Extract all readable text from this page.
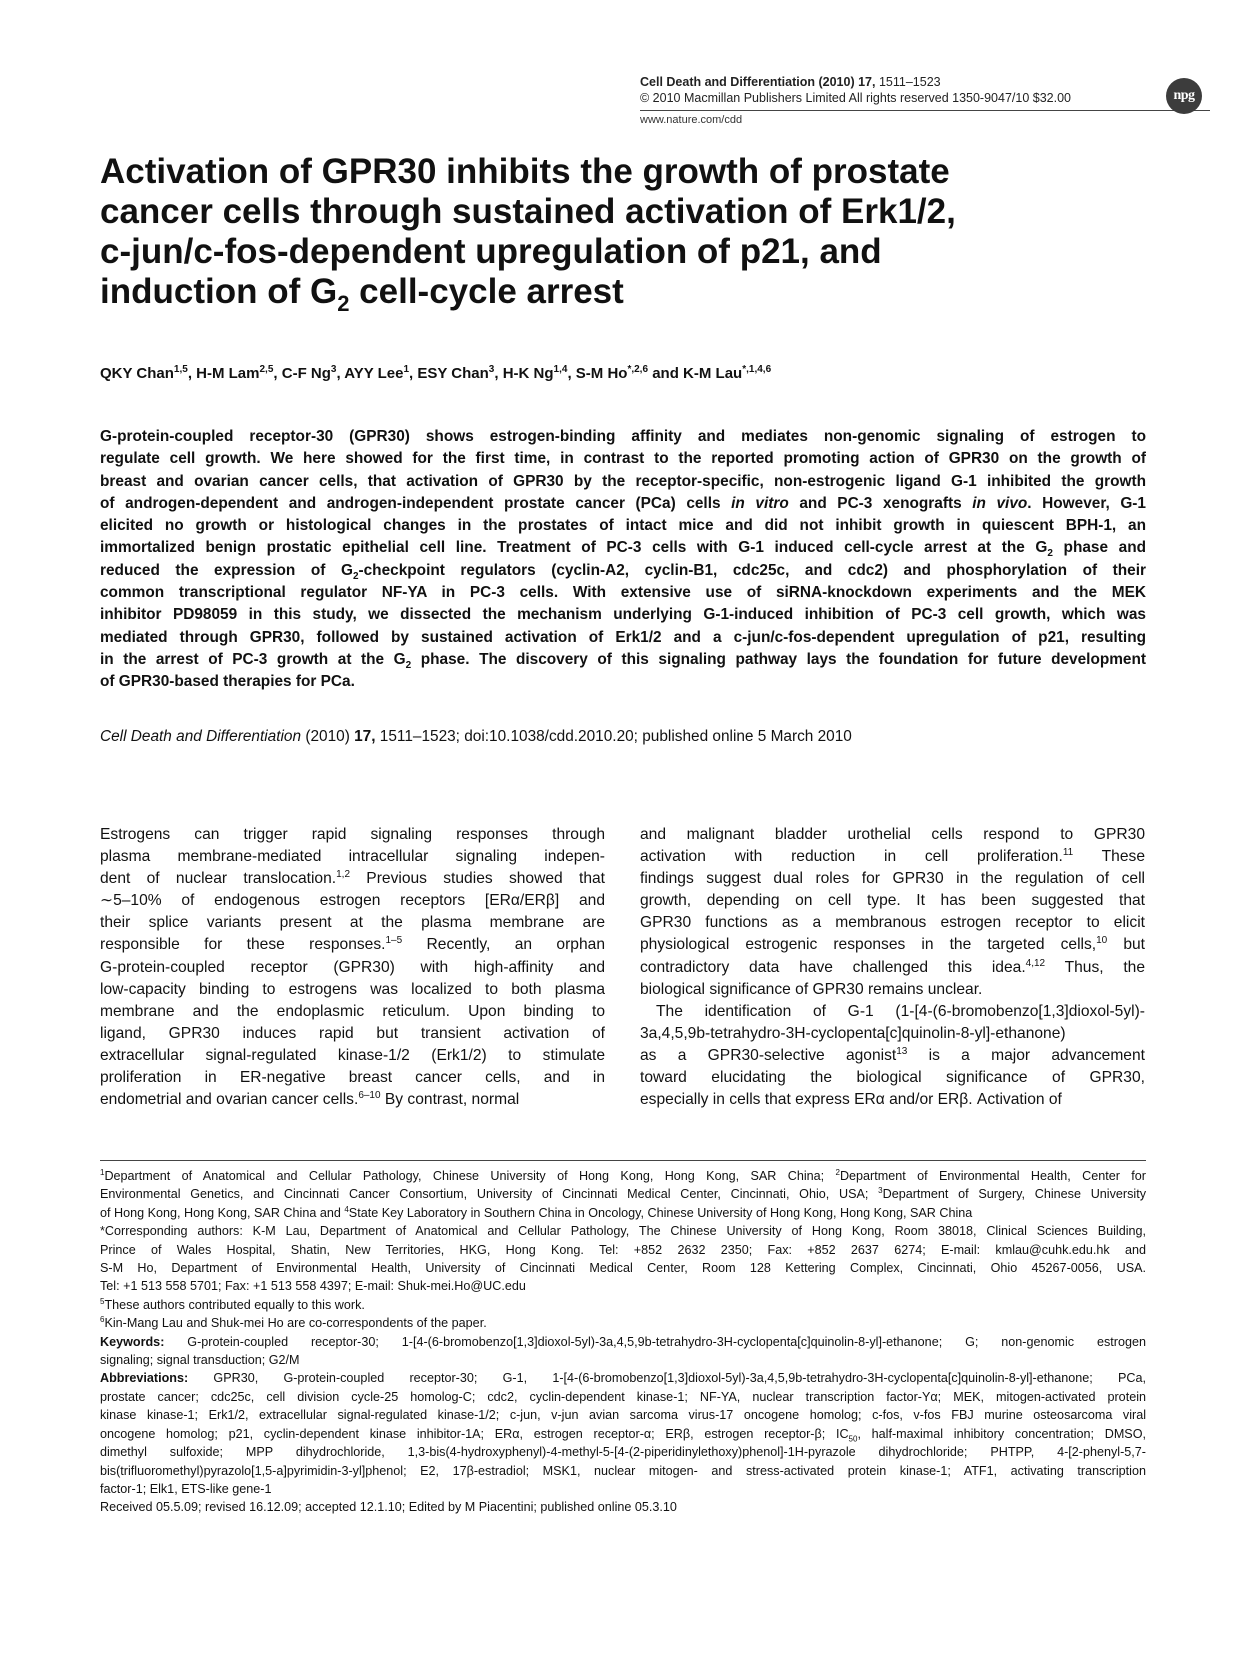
Cell Death and Differentiation (2010) 17, 1511–1523
© 2010 Macmillan Publishers Limited All rights reserved 1350-9047/10 $32.00
www.nature.com/cdd
npg
Activation of GPR30 inhibits the growth of prostate
cancer cells through sustained activation of Erk1/2,
c-jun/c-fos-dependent upregulation of p21, and
induction of $G_2$ cell-cycle arrest
QKY Chan$^{1,5}$, H-M Lam$^{2,5}$, C-F Ng$^3$, AYY Lee$^1$, ESY Chan$^3$, H-K Ng$^{1,4}$, S-M $Ho^{*,2,6}$ and K-M Lau$^{*,1,4,6}$
G-protein-coupled receptor-30 (GPR30) shows estrogen-binding affinity and mediates non-genomic signaling of estrogen to
regulate cell growth. We here showed for the first time, in contrast to the reported promoting action of GPR30 on the growth of
breast and ovarian cancer cells, that activation of GPR30 by the receptor-specific, non-estrogenic ligand G-1 inhibited the growth
of androgen-dependent and androgen-independent prostate cancer (PCa) cells in vitro and PC-3 xenografts in vivo. However, G-1
elicited no growth or histological changes in the prostates of intact mice and did not inhibit growth in quiescent BPH-1, an
immortalized benign prostatic epithelial cell line. Treatment of PC-3 cells with G-1 induced cell-cycle arrest at the $G_2$ phase and
reduced the expression of $G_2$-checkpoint regulators (cyclin-A2, cyclin-B1, cdc25c, and cdc2) and phosphorylation of their
common transcriptional regulator NF-YA in PC-3 cells. With extensive use of siRNA-knockdown experiments and the MEK
inhibitor PD98059 in this study, we dissected the mechanism underlying G-1-induced inhibition of PC-3 cell growth, which was
mediated through GPR30, followed by sustained activation of Erk1/2 and a c-jun/c-fos-dependent upregulation of p21, resulting
in the arrest of PC-3 growth at the $G_2$ phase. The discovery of this signaling pathway lays the foundation for future development
of GPR30-based therapies for PCa.
Cell Death and Differentiation (2010) 17, 1511–1523; doi:10.1038/cdd.2010.20; published online 5 March 2010
Estrogens can trigger rapid signaling responses through
plasma membrane-mediated intracellular signaling indepen-
dent of nuclear translocation.$^{1,2}$ Previous studies showed that
∼5–10% of endogenous estrogen receptors [ERα/ERβ] and
their splice variants present at the plasma membrane are
responsible for these responses.$^{1-5}$ Recently, an orphan
G-protein-coupled receptor (GPR30) with high-affinity and
low-capacity binding to estrogens was localized to both plasma
membrane and the endoplasmic reticulum. Upon binding to
ligand, GPR30 induces rapid but transient activation of
extracellular signal-regulated kinase-1/2 (Erk1/2) to stimulate
proliferation in ER-negative breast cancer cells, and in
endometrial and ovarian cancer cells.$^{6-10}$ By contrast, normal
and malignant bladder urothelial cells respond to GPR30
activation with reduction in cell proliferation.$^{11}$ These
findings suggest dual roles for GPR30 in the regulation of cell
growth, depending on cell type. It has been suggested that
GPR30 functions as a membranous estrogen receptor to elicit
physiological estrogenic responses in the targeted cells,$^{10}$ but
contradictory data have challenged this idea.$^{4,12}$ Thus, the
biological significance of GPR30 remains unclear.
The identification of G-1 (1-[4-(6-bromobenzo[1,3]dioxol-5yl)-
3a,4,5,9b-tetrahydro-3H-cyclopenta[c]quinolin-8-yl]-ethanone)
as a GPR30-selective agonist$^{13}$ is a major advancement
toward elucidating the biological significance of GPR30,
especially in cells that express ERα and/or ERβ. Activation of
$^1$Department of Anatomical and Cellular Pathology, Chinese University of Hong Kong, Hong Kong, SAR China; $^2$Department of Environmental Health, Center for
Environmental Genetics, and Cincinnati Cancer Consortium, University of Cincinnati Medical Center, Cincinnati, Ohio, USA; $^3$Department of Surgery, Chinese University
of Hong Kong, Hong Kong, SAR China and $^4$State Key Laboratory in Southern China in Oncology, Chinese University of Hong Kong, Hong Kong, SAR China
*Corresponding authors: K-M Lau, Department of Anatomical and Cellular Pathology, The Chinese University of Hong Kong, Room 38018, Clinical Sciences Building,
Prince of Wales Hospital, Shatin, New Territories, HKG, Hong Kong. Tel: +852 2632 2350; Fax: +852 2637 6274; E-mail: kmlau@cuhk.edu.hk and
S-M Ho, Department of Environmental Health, University of Cincinnati Medical Center, Room 128 Kettering Complex, Cincinnati, Ohio 45267-0056, USA.
Tel: +1 513 558 5701; Fax: +1 513 558 4397; E-mail: Shuk-mei.Ho@UC.edu
$^5$These authors contributed equally to this work.
$^6$Kin-Mang Lau and Shuk-mei Ho are co-correspondents of the paper.
Keywords: G-protein-coupled receptor-30; 1-[4-(6-bromobenzo[1,3]dioxol-5yl)-3a,4,5,9b-tetrahydro-3H-cyclopenta[c]quinolin-8-yl]-ethanone; G; non-genomic estrogen
signaling; signal transduction; G2/M
Abbreviations: GPR30, G-protein-coupled receptor-30; G-1, 1-[4-(6-bromobenzo[1,3]dioxol-5yl)-3a,4,5,9b-tetrahydro-3H-cyclopenta[c]quinolin-8-yl]-ethanone; PCa,
prostate cancer; cdc25c, cell division cycle-25 homolog-C; cdc2, cyclin-dependent kinase-1; NF-YA, nuclear transcription factor-Yα; MEK, mitogen-activated protein
kinase kinase-1; Erk1/2, extracellular signal-regulated kinase-1/2; c-jun, v-jun avian sarcoma virus-17 oncogene homolog; c-fos, v-fos FBJ murine osteosarcoma viral
oncogene homolog; p21, cyclin-dependent kinase inhibitor-1A; ERα, estrogen receptor-α; ERβ, estrogen receptor-β; $IC_{50}$, half-maximal inhibitory concentration; DMSO,
dimethyl sulfoxide; MPP dihydrochloride, 1,3-bis(4-hydroxyphenyl)-4-methyl-5-[4-(2-piperidinylethoxy)phenol]-1H-pyrazole dihydrochloride; PHTPP, 4-[2-phenyl-5,7-
bis(trifluoromethyl)pyrazolo[1,5-a]pyrimidin-3-yl]phenol; E2, 17β-estradiol; MSK1, nuclear mitogen- and stress-activated protein kinase-1; ATF1, activating transcription
factor-1; Elk1, ETS-like gene-1
Received 05.5.09; revised 16.12.09; accepted 12.1.10; Edited by M Piacentini; published online 05.3.10
